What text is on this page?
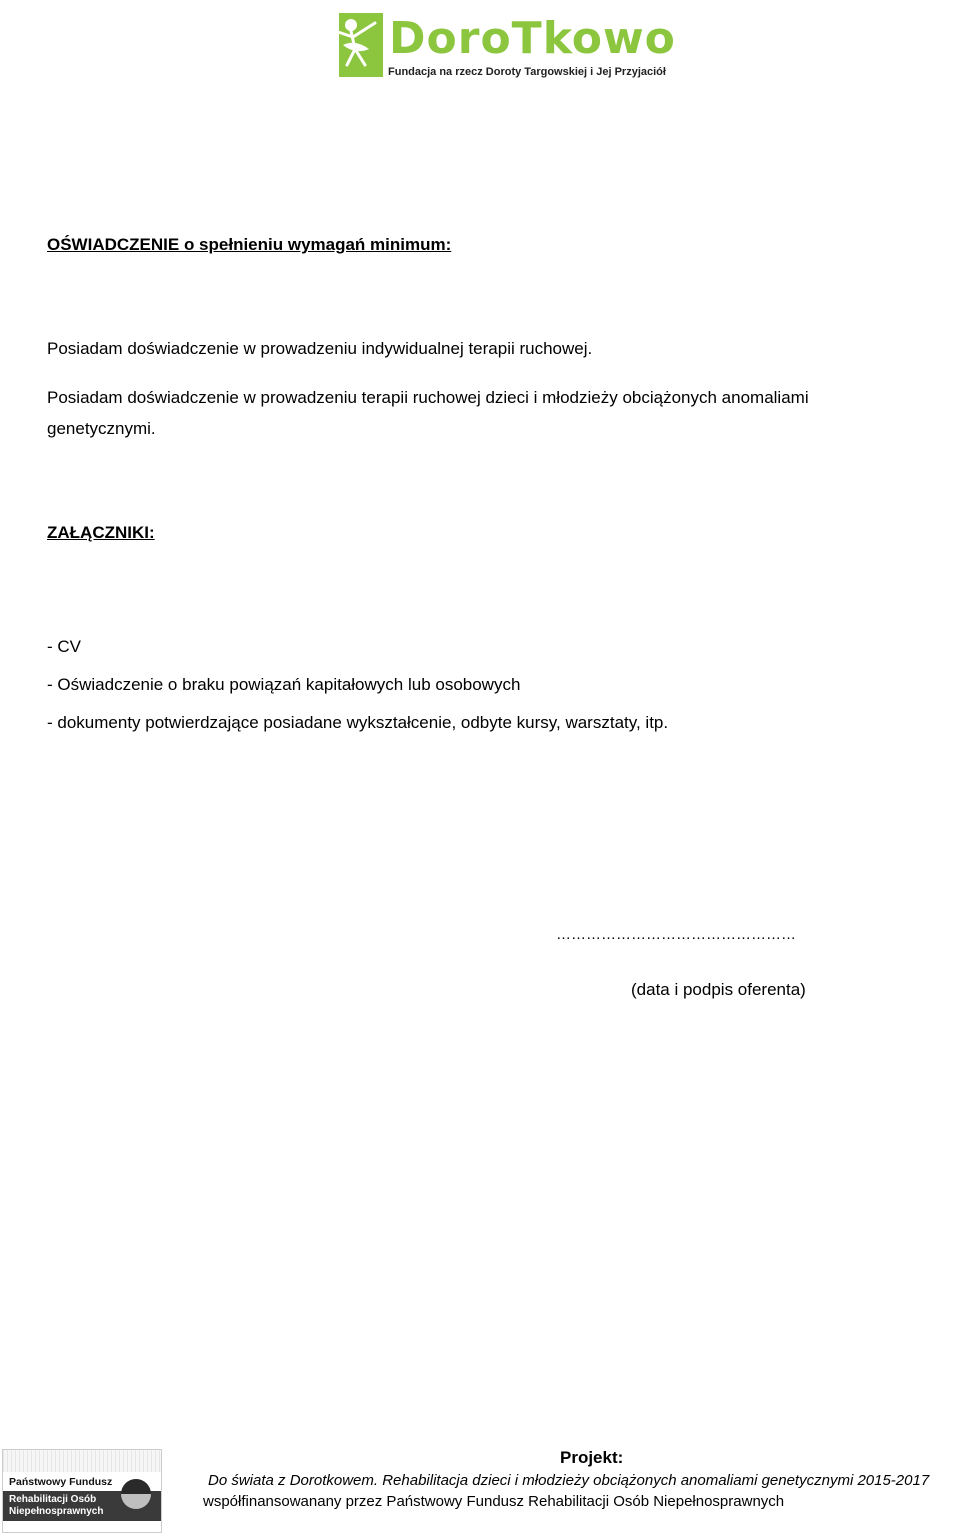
DoroTkowo
Fundacja na rzecz Doroty Targowskiej i Jej Przyjaciół
OŚWIADCZENIE o spełnieniu wymagań minimum:
Posiadam doświadczenie w prowadzeniu indywidualnej terapii ruchowej.
Posiadam doświadczenie w prowadzeniu terapii ruchowej dzieci i młodzieży obciążonych anomaliami
genetycznymi.
ZAŁĄCZNIKI:
- CV
- Oświadczenie o braku powiązań kapitałowych lub osobowych
- dokumenty potwierdzające posiadane wykształcenie, odbyte kursy, warsztaty, itp.
…………………………………………
(data i podpis oferenta)
Państwowy Fundusz
Rehabilitacji Osób
Niepełnosprawnych
Projekt:
Do świata z Dorotkowem. Rehabilitacja dzieci i młodzieży obciążonych anomaliami genetycznymi 2015-2017
współfinansowanany przez Państwowy Fundusz Rehabilitacji Osób Niepełnosprawnych
